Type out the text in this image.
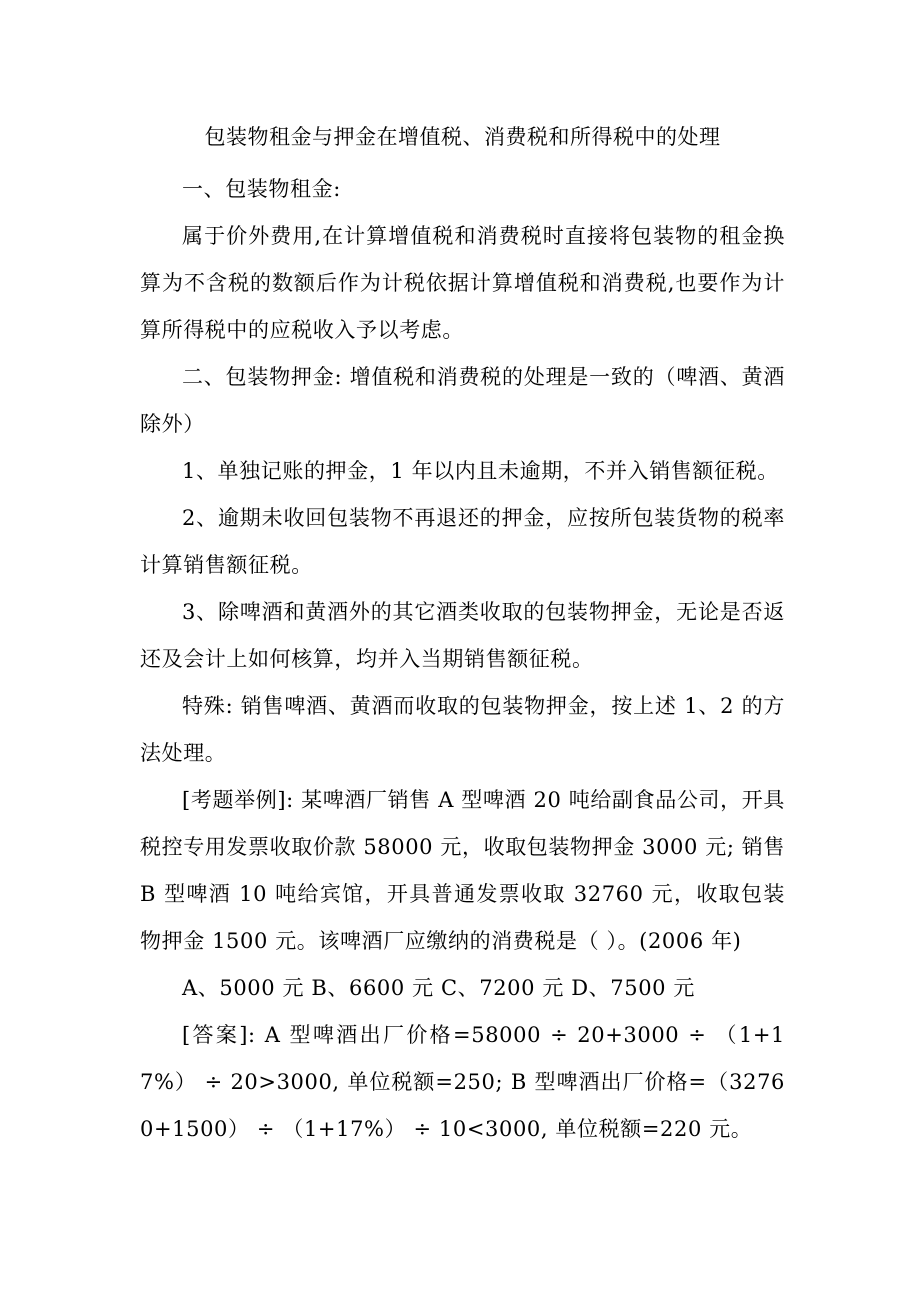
包装物租金与押金在增值税、消费税和所得税中的处理

一、包装物租金:

属于价外费用,在计算增值税和消费税时直接将包装物的租金换算为不含税的数额后作为计税依据计算增值税和消费税,也要作为计算所得税中的应税收入予以考虑。

二、包装物押金: 增值税和消费税的处理是一致的（啤酒、黄酒除外）

1、单独记账的押金，1 年以内且未逾期，不并入销售额征税。

2、逾期未收回包装物不再退还的押金，应按所包装货物的税率计算销售额征税。

3、除啤酒和黄酒外的其它酒类收取的包装物押金，无论是否返还及会计上如何核算，均并入当期销售额征税。

特殊: 销售啤酒、黄酒而收取的包装物押金，按上述 1、2 的方法处理。

[考题举例]: 某啤酒厂销售 A 型啤酒 20 吨给副食品公司，开具税控专用发票收取价款 58000 元，收取包装物押金 3000 元; 销售 B 型啤酒 10 吨给宾馆，开具普通发票收取 32760 元，收取包装物押金 1500 元。该啤酒厂应缴纳的消费税是（ ）。(2006 年)

A、5000 元 B、6600 元 C、7200 元 D、7500 元

[答案]: A 型啤酒出厂价格=58000 ÷ 20+3000 ÷ （1+17%） ÷ 20>3000, 单位税额=250; B 型啤酒出厂价格=（32760+1500） ÷ （1+17%） ÷ 10<3000, 单位税额=220 元。
